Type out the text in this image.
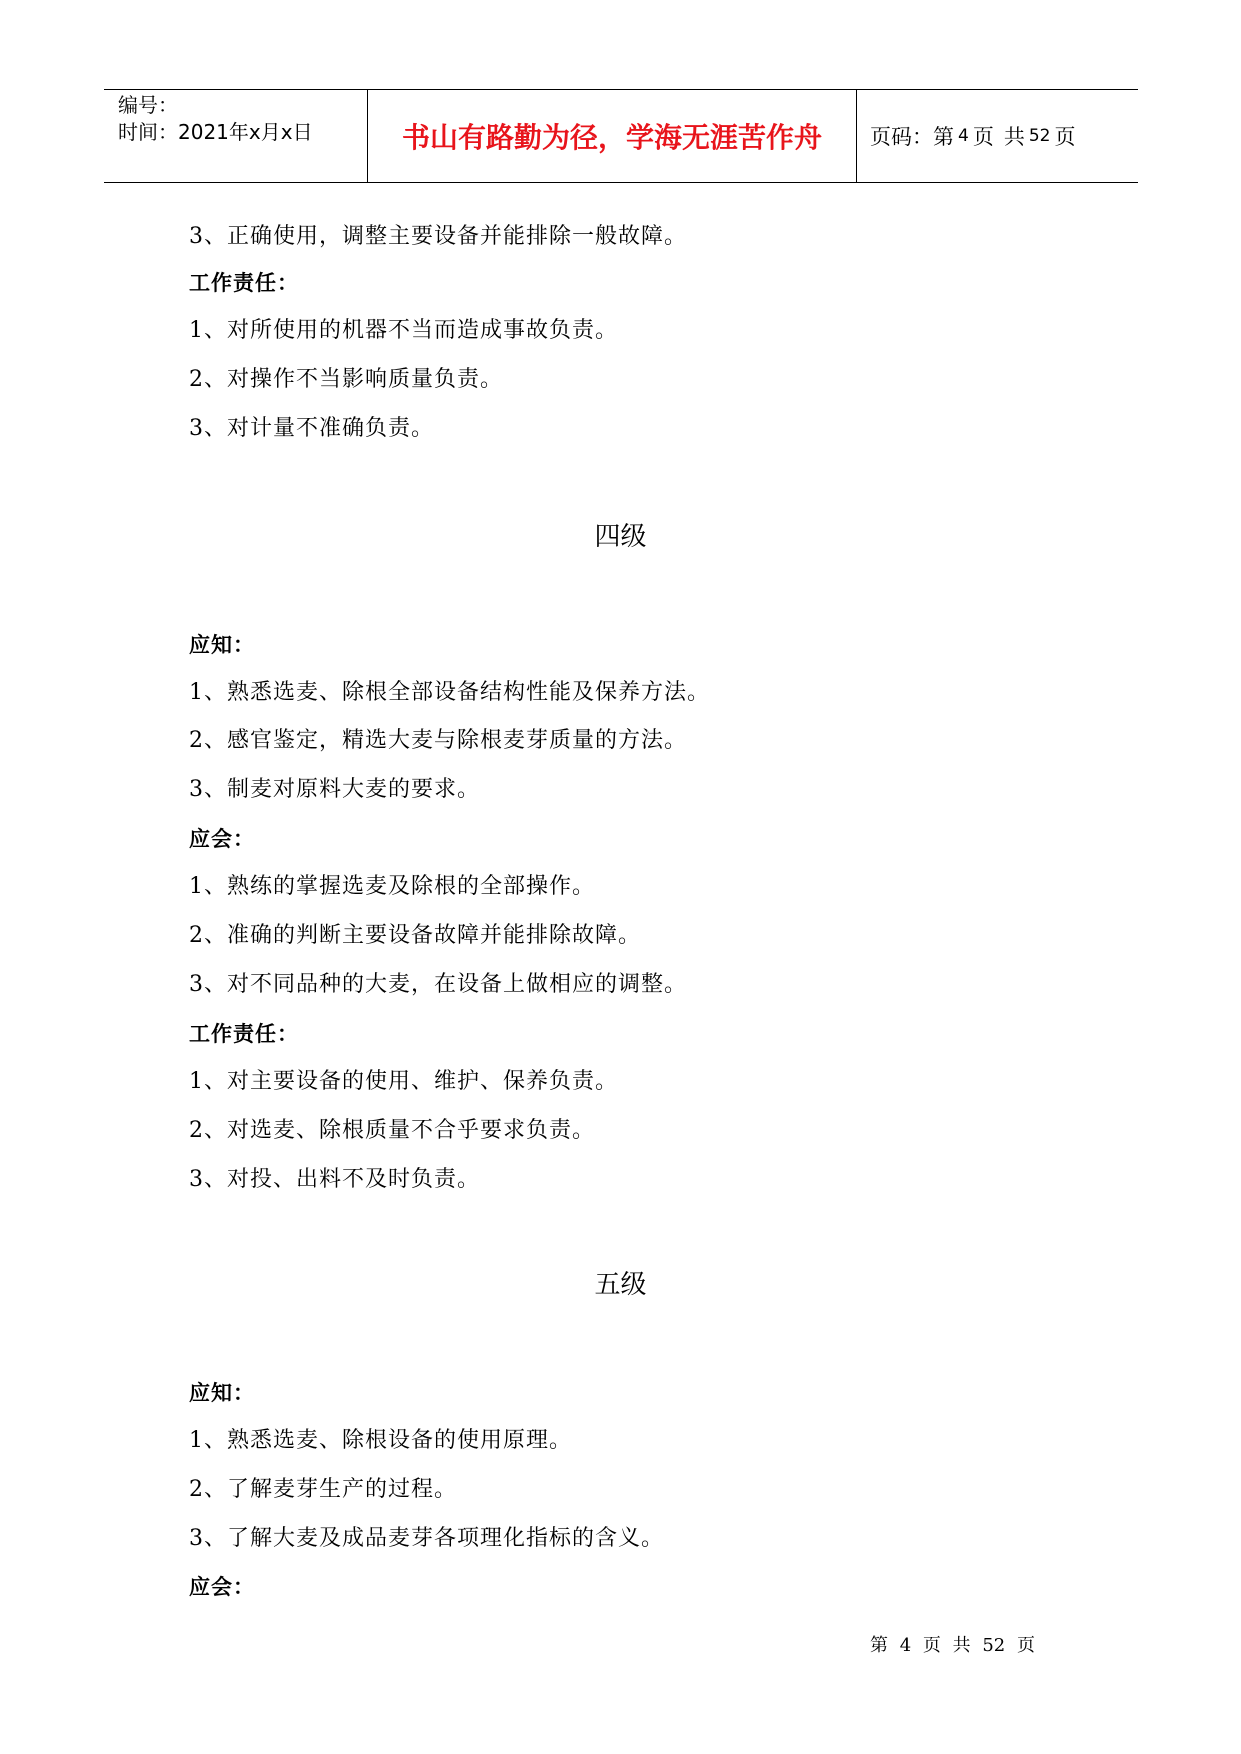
编号：
时间：2021年x月x日	书山有路勤为径，学海无涯苦作舟	页码：第 4 页 共 52 页
3、正确使用，调整主要设备并能排除一般故障。
工作责任：
1、对所使用的机器不当而造成事故负责。
2、对操作不当影响质量负责。
3、对计量不准确负责。
四级
应知：
1、熟悉选麦、除根全部设备结构性能及保养方法。
2、感官鉴定，精选大麦与除根麦芽质量的方法。
3、制麦对原料大麦的要求。
应会：
1、熟练的掌握选麦及除根的全部操作。
2、准确的判断主要设备故障并能排除故障。
3、对不同品种的大麦，在设备上做相应的调整。
工作责任：
1、对主要设备的使用、维护、保养负责。
2、对选麦、除根质量不合乎要求负责。
3、对投、出料不及时负责。
五级
应知：
1、熟悉选麦、除根设备的使用原理。
2、了解麦芽生产的过程。
3、了解大麦及成品麦芽各项理化指标的含义。
应会：
第 4 页 共 52 页
